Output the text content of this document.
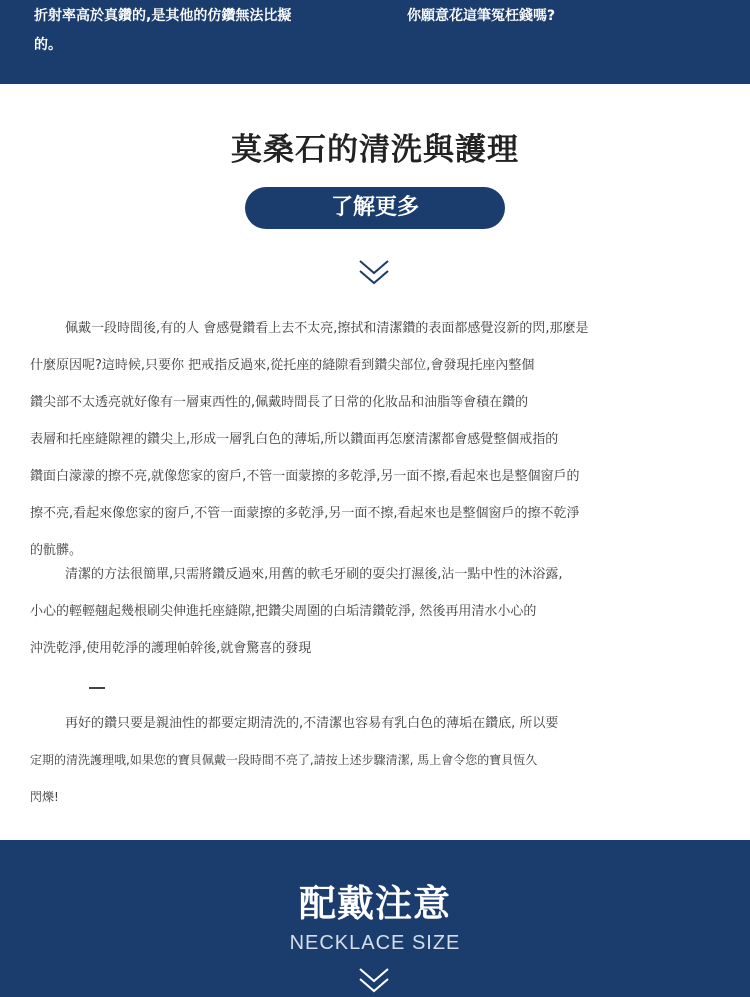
折射率高於真鑽的,是其他的仿鑽無法比擬
的。
你願意花這筆冤枉錢嗎?
莫桑石的清洗與護理
了解更多
佩戴一段時間後,有的人 會感覺鑽看上去不太亮,擦拭和清潔鑽的表面都感覺沒新的閃,那麼是
什麼原因呢?這時候,只要你 把戒指反過來,從托座的縫隙看到鑽尖部位,會發現托座內整個
鑽尖部不太透亮就好像有一層東西性的,佩戴時間長了日常的化妝品和油脂等會積在鑽的
表層和托座縫隙裡的鑽尖上,形成一層乳白色的薄垢,所以鑽面再怎麼清潔都會感覺整個戒指的
鑽面白濛濛的擦不亮,就像您家的窗戶,不管一面蒙擦的多乾淨,另一面不擦,看起來也是整個窗戶的
擦不亮,看起來像您家的窗戶,不管一面蒙擦的多乾淨,另一面不擦,看起來也是整個窗戶的擦不乾淨
的骯髒。
清潔的方法很簡單,只需將鑽反過來,用舊的軟毛牙刷的耍尖打濕後,沾一點中性的沐浴露,
小心的輕輕翹起幾根刷尖伸進托座縫隙,把鑽尖周圍的白垢清鑽乾淨, 然後再用清水小心的
沖洗乾淨,使用乾淨的護理帕幹後,就會驚喜的發現
再好的鑽只要是親油性的都要定期清洗的,不清潔也容易有乳白色的薄垢在鑽底, 所以要
定期的清洗護理哦,如果您的寶貝佩戴一段時間不亮了,請按上述步驟清潔, 馬上會令您的寶貝恆久
閃爍!
配戴注意
NECKLACE SIZE
